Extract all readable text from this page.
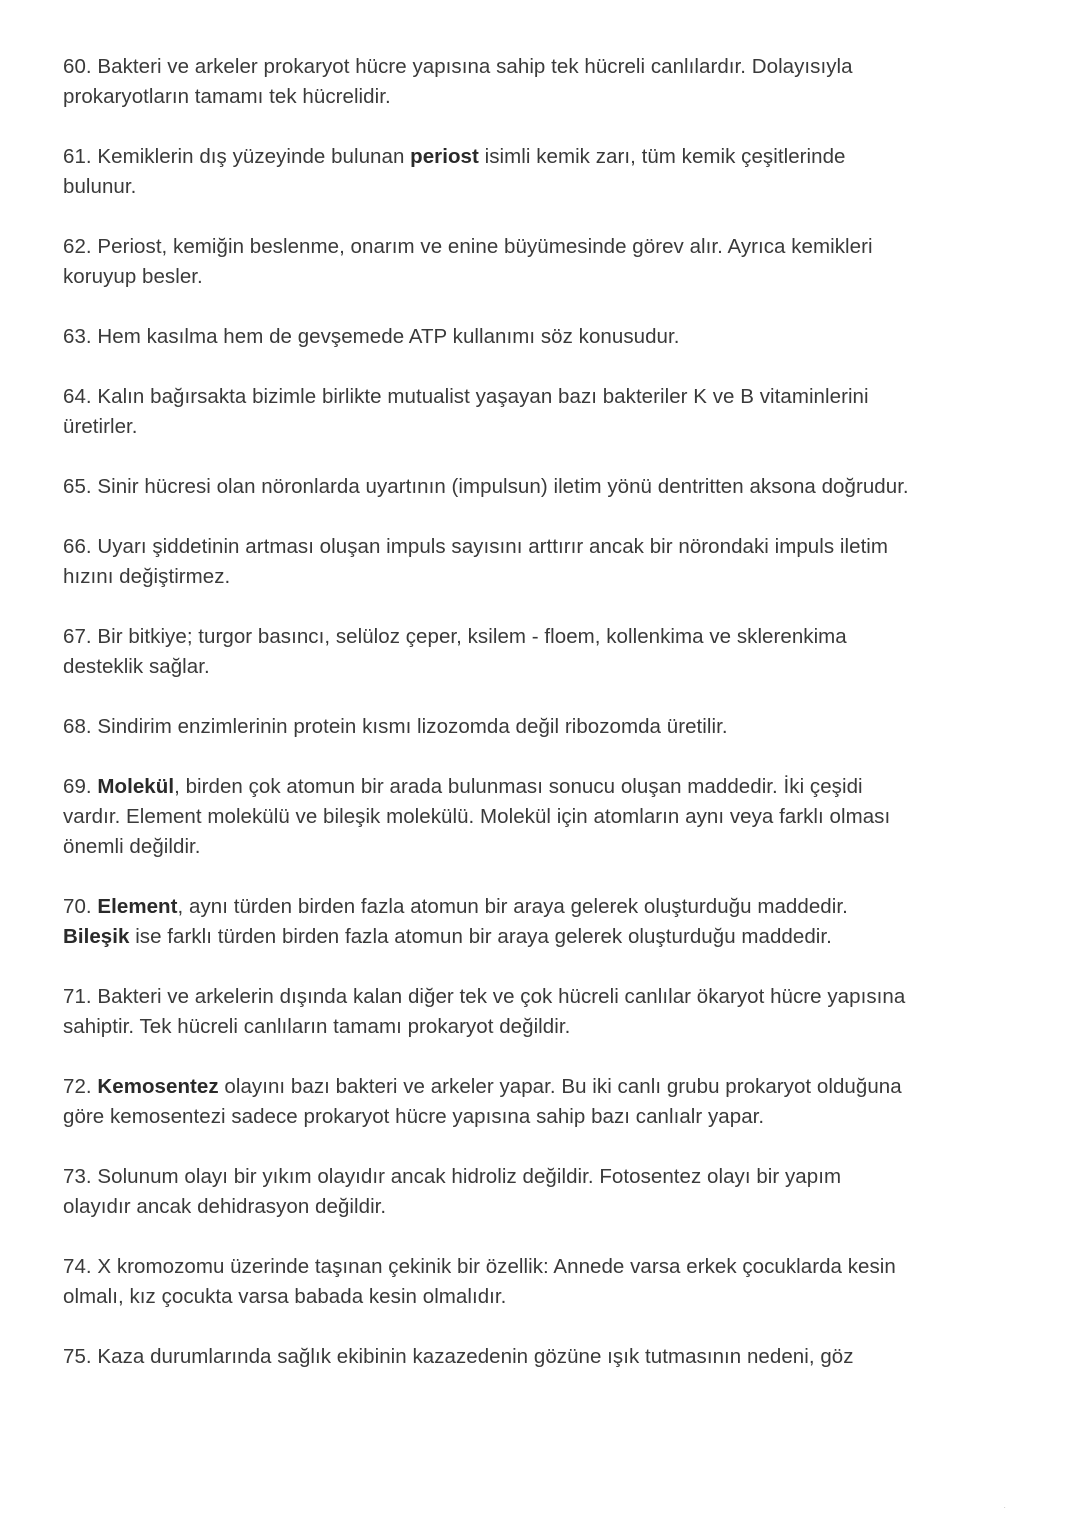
60. Bakteri ve arkeler prokaryot hücre yapısına sahip tek hücreli canlılardır. Dolayısıyla prokaryotların tamamı tek hücrelidir.

61. Kemiklerin dış yüzeyinde bulunan periost isimli kemik zarı, tüm kemik çeşitlerinde bulunur.

62. Periost, kemiğin beslenme, onarım ve enine büyümesinde görev alır. Ayrıca kemikleri koruyup besler.

63. Hem kasılma hem de gevşemede ATP kullanımı söz konusudur.

64. Kalın bağırsakta bizimle birlikte mutualist yaşayan bazı bakteriler K ve B vitaminlerini üretirler.

65. Sinir hücresi olan nöronlarda uyartının (impulsun) iletim yönü dentritten aksona doğrudur.

66. Uyarı şiddetinin artması oluşan impuls sayısını arttırır ancak bir nörondaki impuls iletim hızını değiştirmez.

67. Bir bitkiye; turgor basıncı, selüloz çeper, ksilem - floem, kollenkima ve sklerenkima desteklik sağlar.

68. Sindirim enzimlerinin protein kısmı lizozomda değil ribozomda üretilir.

69. Molekül, birden çok atomun bir arada bulunması sonucu oluşan maddedir. İki çeşidi vardır. Element molekülü ve bileşik molekülü. Molekül için atomların aynı veya farklı olması önemli değildir.

70. Element, aynı türden birden fazla atomun bir araya gelerek oluşturduğu maddedir. Bileşik ise farklı türden birden fazla atomun bir araya gelerek oluşturduğu maddedir.

71. Bakteri ve arkelerin dışında kalan diğer tek ve çok hücreli canlılar ökaryot hücre yapısına sahiptir. Tek hücreli canlıların tamamı prokaryot değildir.

72. Kemosentez olayını bazı bakteri ve arkeler yapar. Bu iki canlı grubu prokaryot olduğuna göre kemosentezi sadece prokaryot hücre yapısına sahip bazı canlıalr yapar.

73. Solunum olayı bir yıkım olayıdır ancak hidroliz değildir. Fotosentez olayı bir yapım olayıdır ancak dehidrasyon değildir.

74. X kromozomu üzerinde taşınan çekinik bir özellik: Annede varsa erkek çocuklarda kesin olmalı, kız çocukta varsa babada kesin olmalıdır.

75. Kaza durumlarında sağlık ekibinin kazazedenin gözüne ışık tutmasının nedeni, göz

·
